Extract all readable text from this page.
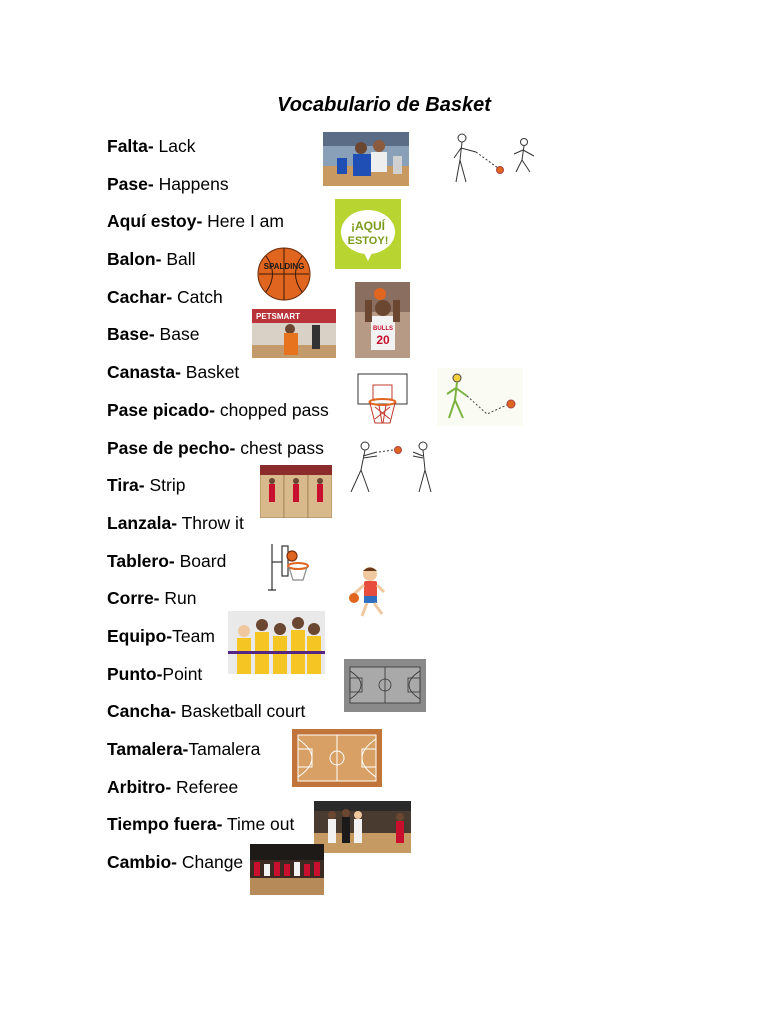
Vocabulario de Basket
Falta- Lack
Pase- Happens
Aquí estoy- Here I am
Balon- Ball
Cachar- Catch
Base- Base
Canasta- Basket
Pase picado- chopped pass
Pase de pecho- chest pass
Tira- Strip
Lanzala- Throw it
Tablero- Board
Corre- Run
Equipo-Team
Punto-Point
Cancha- Basketball court
Tamalera-Tamalera
Arbitro- Referee
Tiempo fuera- Time out
Cambio- Change
¡AQUÍ
ESTOY!
SPALDING
BULLS
20
PETSMART
